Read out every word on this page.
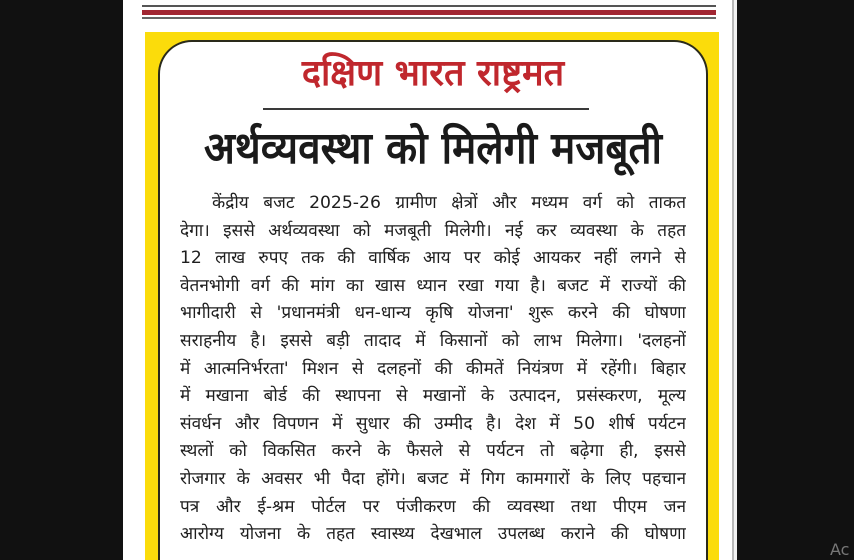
दक्षिण भारत राष्ट्रमत
अर्थव्यवस्था को मिलेगी मजबूती
केंद्रीय बजट 2025-26 ग्रामीण क्षेत्रों और मध्यम वर्ग को ताकत
देगा। इससे अर्थव्यवस्था को मजबूती मिलेगी। नई कर व्यवस्था के तहत
12 लाख रुपए तक की वार्षिक आय पर कोई आयकर नहीं लगने से
वेतनभोगी वर्ग की मांग का खास ध्यान रखा गया है। बजट में राज्यों की
भागीदारी से 'प्रधानमंत्री धन-धान्य कृषि योजना' शुरू करने की घोषणा
सराहनीय है। इससे बड़ी तादाद में किसानों को लाभ मिलेगा। 'दलहनों
में आत्मनिर्भरता' मिशन से दलहनों की कीमतें नियंत्रण में रहेंगी। बिहार
में मखाना बोर्ड की स्थापना से मखानों के उत्पादन, प्रसंस्करण, मूल्य
संवर्धन और विपणन में सुधार की उम्मीद है। देश में 50 शीर्ष पर्यटन
स्थलों को विकसित करने के फैसले से पर्यटन तो बढ़ेगा ही, इससे
रोजगार के अवसर भी पैदा होंगे। बजट में गिग कामगारों के लिए पहचान
पत्र और ई-श्रम पोर्टल पर पंजीकरण की व्यवस्था तथा पीएम जन
आरोग्य योजना के तहत स्वास्थ्य देखभाल उपलब्ध कराने की घोषणा
Ac
